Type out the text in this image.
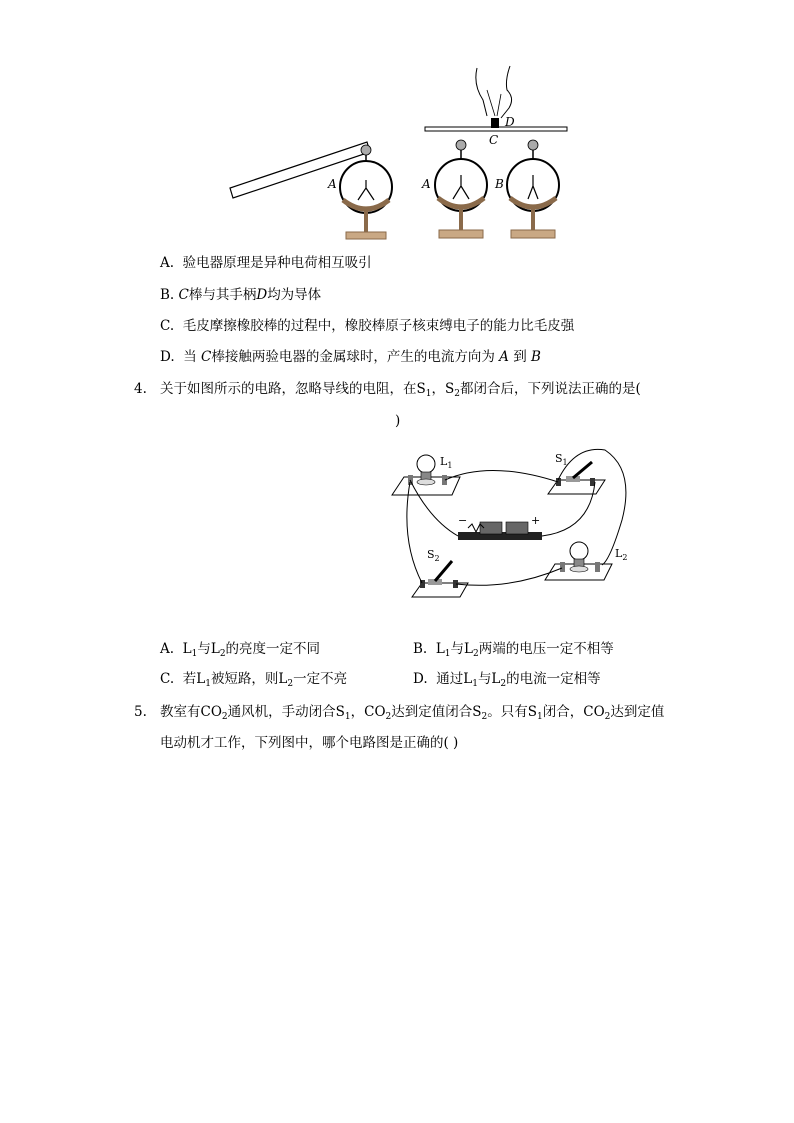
A	A	B
C
D
A. 验电器原理是异种电荷相互吸引
B. C棒与其手柄D均为导体
C. 毛皮摩擦橡胶棒的过程中，橡胶棒原子核束缚电子的能力比毛皮强
D. 当 C棒接触两验电器的金属球时，产生的电流方向为 A 到 B
4. 关于如图所示的电路，忽略导线的电阻，在$S_1$，$S_2$都闭合后，下列说法正确的是(
)
$L_1$
$S_1$
−	+
$S_2$	$L_2$
A. $L_1$与$L_2$的亮度一定不同	B. $L_1$与$L_2$两端的电压一定不相等
C. 若$L_1$被短路，则$L_2$一定不亮	D. 通过$L_1$与$L_2$的电流一定相等
5. 教室有$CO_2$通风机，手动闭合$S_1$，$CO_2$达到定值闭合$S_2$。只有$S_1$闭合，$CO_2$达到定值
电动机才工作，下列图中，哪个电路图是正确的( )
